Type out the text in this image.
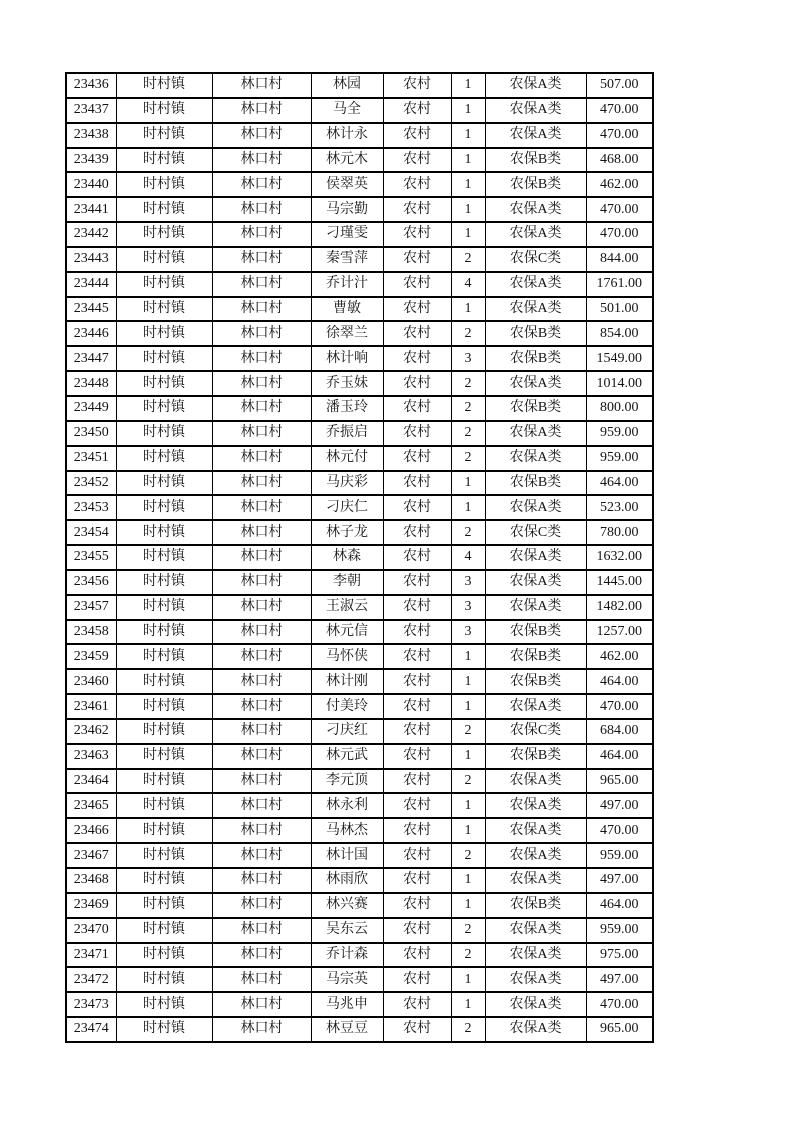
23436	时村镇	林口村	林园	农村	1	农保A类	507.00
23437	时村镇	林口村	马全	农村	1	农保A类	470.00
23438	时村镇	林口村	林计永	农村	1	农保A类	470.00
23439	时村镇	林口村	林元木	农村	1	农保B类	468.00
23440	时村镇	林口村	侯翠英	农村	1	农保B类	462.00
23441	时村镇	林口村	马宗勤	农村	1	农保A类	470.00
23442	时村镇	林口村	刁瑾雯	农村	1	农保A类	470.00
23443	时村镇	林口村	秦雪萍	农村	2	农保C类	844.00
23444	时村镇	林口村	乔计汁	农村	4	农保A类	1761.00
23445	时村镇	林口村	曹敏	农村	1	农保A类	501.00
23446	时村镇	林口村	徐翠兰	农村	2	农保B类	854.00
23447	时村镇	林口村	林计响	农村	3	农保B类	1549.00
23448	时村镇	林口村	乔玉妹	农村	2	农保A类	1014.00
23449	时村镇	林口村	潘玉玲	农村	2	农保B类	800.00
23450	时村镇	林口村	乔振启	农村	2	农保A类	959.00
23451	时村镇	林口村	林元付	农村	2	农保A类	959.00
23452	时村镇	林口村	马庆彩	农村	1	农保B类	464.00
23453	时村镇	林口村	刁庆仁	农村	1	农保A类	523.00
23454	时村镇	林口村	林子龙	农村	2	农保C类	780.00
23455	时村镇	林口村	林森	农村	4	农保A类	1632.00
23456	时村镇	林口村	李朝	农村	3	农保A类	1445.00
23457	时村镇	林口村	王淑云	农村	3	农保A类	1482.00
23458	时村镇	林口村	林元信	农村	3	农保B类	1257.00
23459	时村镇	林口村	马怀侠	农村	1	农保B类	462.00
23460	时村镇	林口村	林计刚	农村	1	农保B类	464.00
23461	时村镇	林口村	付美玲	农村	1	农保A类	470.00
23462	时村镇	林口村	刁庆红	农村	2	农保C类	684.00
23463	时村镇	林口村	林元武	农村	1	农保B类	464.00
23464	时村镇	林口村	李元顶	农村	2	农保A类	965.00
23465	时村镇	林口村	林永利	农村	1	农保A类	497.00
23466	时村镇	林口村	马林杰	农村	1	农保A类	470.00
23467	时村镇	林口村	林计国	农村	2	农保A类	959.00
23468	时村镇	林口村	林雨欣	农村	1	农保A类	497.00
23469	时村镇	林口村	林兴赛	农村	1	农保B类	464.00
23470	时村镇	林口村	吴东云	农村	2	农保A类	959.00
23471	时村镇	林口村	乔计森	农村	2	农保A类	975.00
23472	时村镇	林口村	马宗英	农村	1	农保A类	497.00
23473	时村镇	林口村	马兆申	农村	1	农保A类	470.00
23474	时村镇	林口村	林豆豆	农村	2	农保A类	965.00
